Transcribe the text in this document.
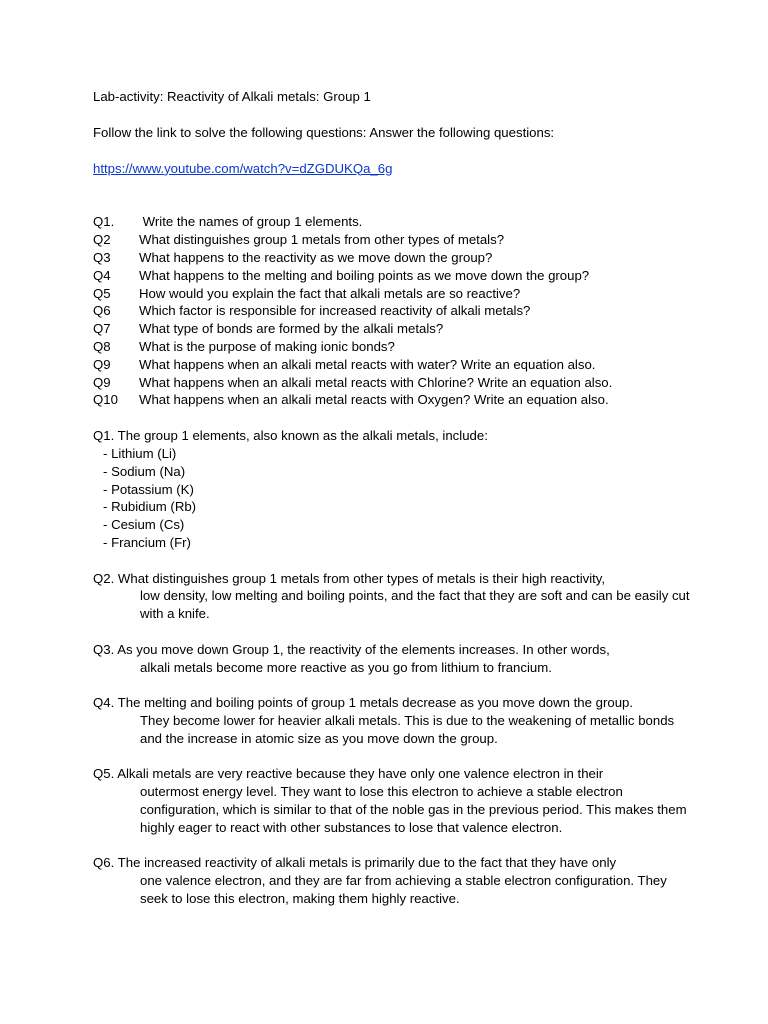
Lab-activity: Reactivity of Alkali metals: Group 1
Follow the link to solve the following questions: Answer the following questions:
https://www.youtube.com/watch?v=dZGDUKQa_6g
Q1.	Write the names of group 1 elements.
Q2	What distinguishes group 1 metals from other types of metals?
Q3	What happens to the reactivity as we move down the group?
Q4	What happens to the melting and boiling points as we move down the group?
Q5	How would you explain the fact that alkali metals are so reactive?
Q6	Which factor is responsible for increased reactivity of alkali metals?
Q7	What type of bonds are formed by the alkali metals?
Q8	What is the purpose of making ionic bonds?
Q9	What happens when an alkali metal reacts with water? Write an equation also.
Q9	What happens when an alkali metal reacts with Chlorine? Write an equation also.
Q10	What happens when an alkali metal reacts with Oxygen? Write an equation also.
Q1. The group 1 elements, also known as the alkali metals, include:
- Lithium (Li)
- Sodium (Na)
- Potassium (K)
- Rubidium (Rb)
- Cesium (Cs)
- Francium (Fr)
Q2. What distinguishes group 1 metals from other types of metals is their high reactivity,
low density, low melting and boiling points, and the fact that they are soft and can be easily cut with a knife.
Q3. As you move down Group 1, the reactivity of the elements increases. In other words,
alkali metals become more reactive as you go from lithium to francium.
Q4. The melting and boiling points of group 1 metals decrease as you move down the group.
They become lower for heavier alkali metals. This is due to the weakening of metallic bonds and the increase in atomic size as you move down the group.
Q5. Alkali metals are very reactive because they have only one valence electron in their
outermost energy level. They want to lose this electron to achieve a stable electron configuration, which is similar to that of the noble gas in the previous period. This makes them highly eager to react with other substances to lose that valence electron.
Q6. The increased reactivity of alkali metals is primarily due to the fact that they have only
one valence electron, and they are far from achieving a stable electron configuration. They seek to lose this electron, making them highly reactive.
